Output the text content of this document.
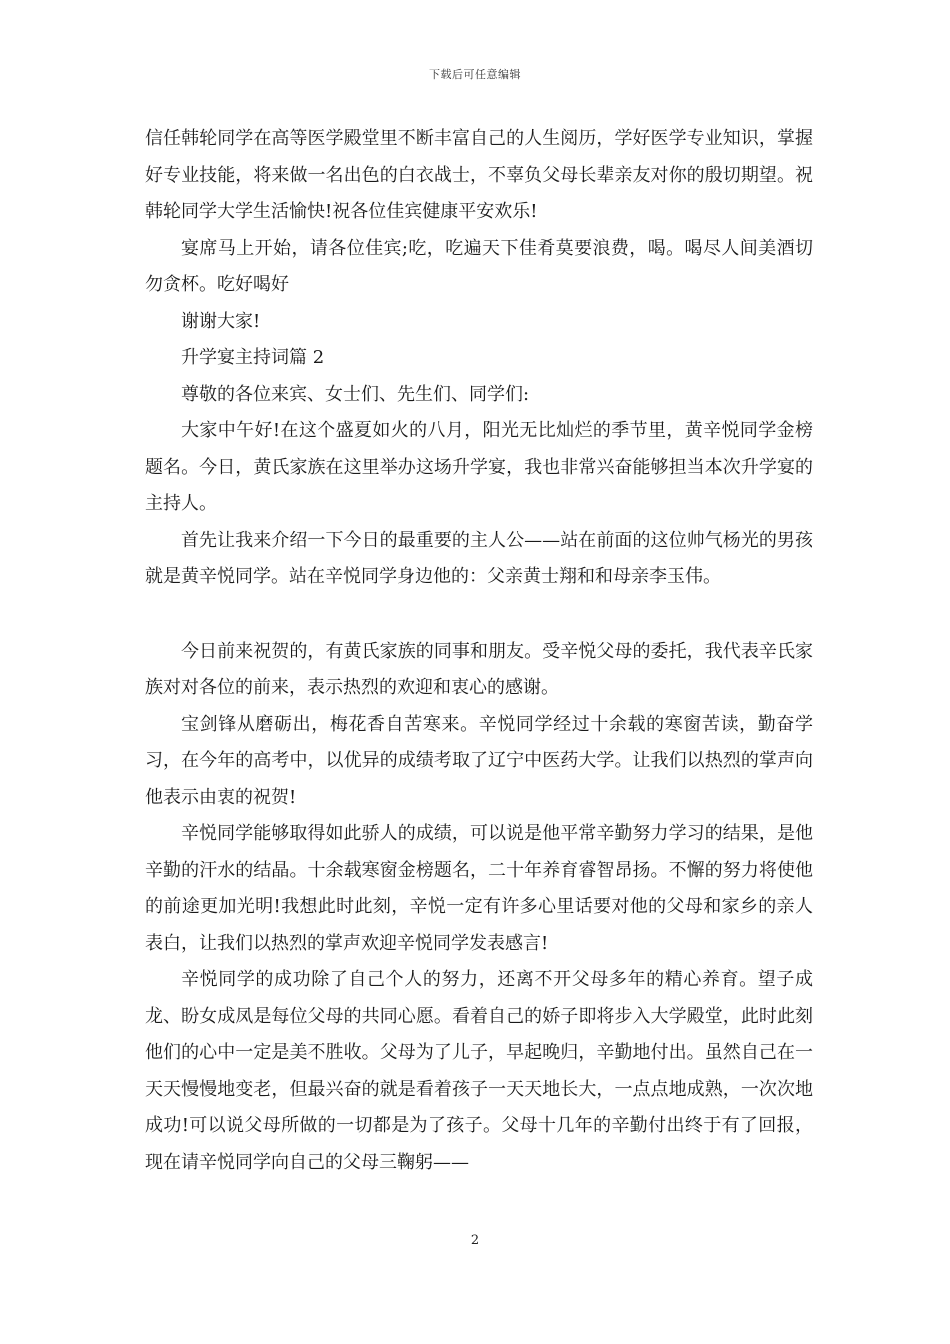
下载后可任意编辑

信任韩轮同学在高等医学殿堂里不断丰富自己的人生阅历，学好医学专业知识，掌握好专业技能，将来做一名出色的白衣战士，不辜负父母长辈亲友对你的殷切期望。祝韩轮同学大学生活愉快!祝各位佳宾健康平安欢乐!

宴席马上开始，请各位佳宾;吃，吃遍天下佳肴莫要浪费，喝。喝尽人间美酒切勿贪杯。吃好喝好

谢谢大家!

升学宴主持词篇 2

尊敬的各位来宾、女士们、先生们、同学们:

大家中午好!在这个盛夏如火的八月，阳光无比灿烂的季节里，黄辛悦同学金榜题名。今日，黄氏家族在这里举办这场升学宴，我也非常兴奋能够担当本次升学宴的主持人。

首先让我来介绍一下今日的最重要的主人公——站在前面的这位帅气杨光的男孩就是黄辛悦同学。站在辛悦同学身边他的：父亲黄士翔和和母亲李玉伟。

今日前来祝贺的，有黄氏家族的同事和朋友。受辛悦父母的委托，我代表辛氏家族对对各位的前来，表示热烈的欢迎和衷心的感谢。

宝剑锋从磨砺出，梅花香自苦寒来。辛悦同学经过十余载的寒窗苦读，勤奋学习，在今年的高考中，以优异的成绩考取了辽宁中医药大学。让我们以热烈的掌声向他表示由衷的祝贺!

辛悦同学能够取得如此骄人的成绩，可以说是他平常辛勤努力学习的结果，是他辛勤的汗水的结晶。十余载寒窗金榜题名，二十年养育睿智昂扬。不懈的努力将使他的前途更加光明!我想此时此刻，辛悦一定有许多心里话要对他的父母和家乡的亲人表白，让我们以热烈的掌声欢迎辛悦同学发表感言!

辛悦同学的成功除了自己个人的努力，还离不开父母多年的精心养育。望子成龙、盼女成凤是每位父母的共同心愿。看着自己的娇子即将步入大学殿堂，此时此刻他们的心中一定是美不胜收。父母为了儿子，早起晚归，辛勤地付出。虽然自己在一天天慢慢地变老，但最兴奋的就是看着孩子一天天地长大，一点点地成熟，一次次地成功!可以说父母所做的一切都是为了孩子。父母十几年的辛勤付出终于有了回报，现在请辛悦同学向自己的父母三鞠躬——

2
